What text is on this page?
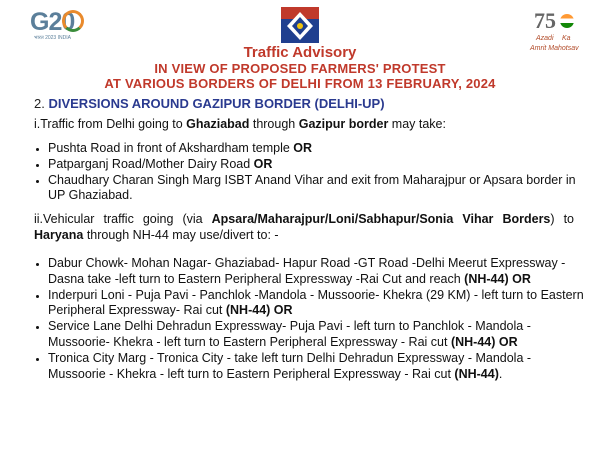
G20
भारत 2023 INDIA
75
Azadi Ka
Amrit Mahotsav
Traffic Advisory
IN VIEW OF PROPOSED FARMERS' PROTEST
AT VARIOUS BORDERS OF DELHI FROM 13 FEBRUARY, 2024
2. DIVERSIONS AROUND GAZIPUR BORDER (DELHI-UP)
i.Traffic from Delhi going to Ghaziabad through Gazipur border may take:
• Pushta Road in front of Akshardham temple OR
• Patparganj Road/Mother Dairy Road OR
• Chaudhary Charan Singh Marg ISBT Anand Vihar and exit from Maharajpur or Apsara border in UP Ghaziabad.
ii.Vehicular traffic going (via Apsara/Maharajpur/Loni/Sabhapur/Sonia Vihar Borders) to Haryana through NH-44 may use/divert to: -
• Dabur Chowk- Mohan Nagar- Ghaziabad- Hapur Road -GT Road -Delhi Meerut Expressway - Dasna take -left turn to Eastern Peripheral Expressway -Rai Cut and reach (NH-44) OR
• Inderpuri Loni - Puja Pavi - Panchlok -Mandola - Mussoorie- Khekra (29 KM) - left turn to Eastern Peripheral Expressway- Rai cut (NH-44) OR
• Service Lane Delhi Dehradun Expressway- Puja Pavi - left turn to Panchlok - Mandola -Mussoorie- Khekra - left turn to Eastern Peripheral Expressway - Rai cut (NH-44) OR
• Tronica City Marg - Tronica City - take left turn Delhi Dehradun Expressway - Mandola - Mussoorie - Khekra - left turn to Eastern Peripheral Expressway - Rai cut (NH-44).
